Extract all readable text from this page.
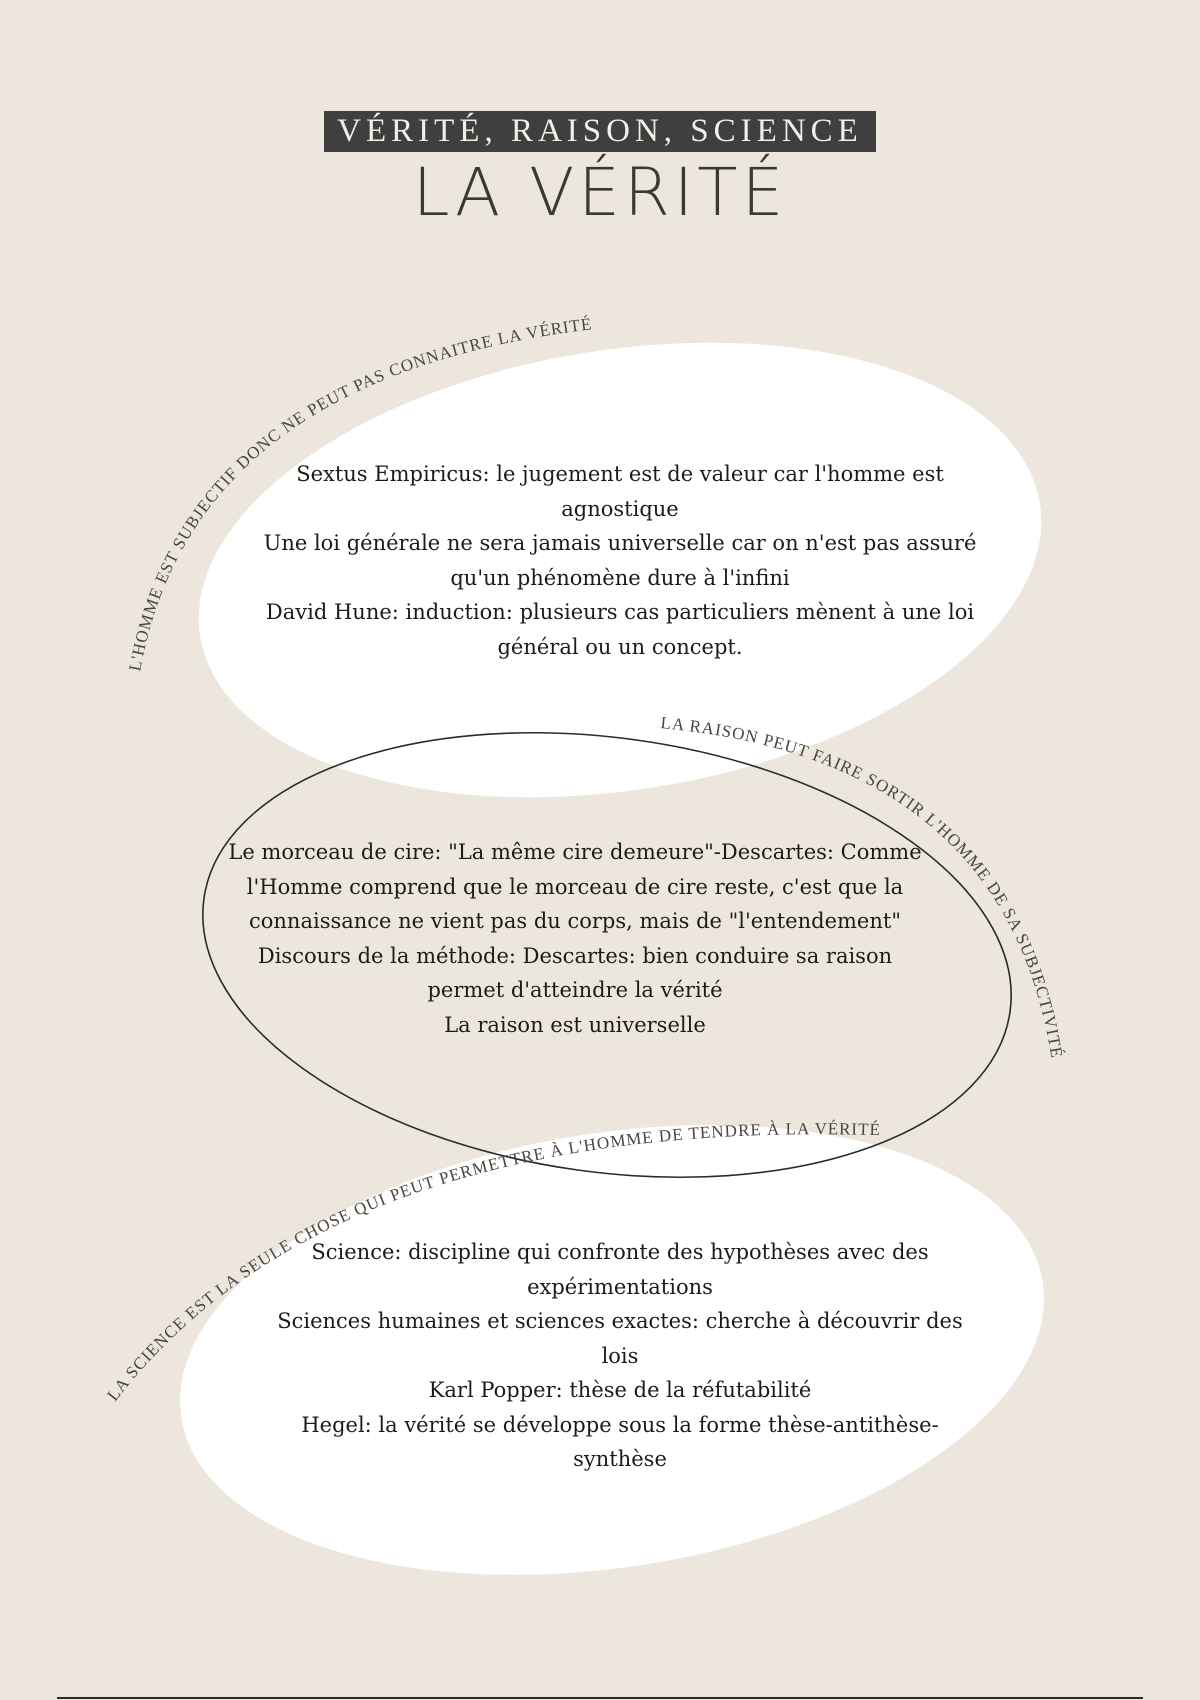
L'HOMME EST SUBJECTIF DONC NE PEUT PAS CONNAITRE LA VÉRITÉ
LA RAISON PEUT FAIRE SORTIR L'HOMME DE SA SUBJECTIVITÉ
LA SCIENCE EST LA SEULE CHOSE QUI PEUT PERMETTRE À L'HOMME DE TENDRE À LA VÉRITÉ
VÉRITÉ, RAISON, SCIENCE
LA VÉRITÉ

Sextus Empiricus: le jugement est de valeur car l'homme est agnostique

Une loi générale ne sera jamais universelle car on n'est pas assuré qu'un phénomène dure à l'infini

David Hune: induction: plusieurs cas particuliers mènent à une loi général ou un concept.

Le morceau de cire: "La même cire demeure"-Descartes: Comme l'Homme comprend que le morceau de cire reste, c'est que la connaissance ne vient pas du corps, mais de "l'entendement"

Discours de la méthode: Descartes: bien conduire sa raison permet d'atteindre la vérité

La raison est universelle

Science: discipline qui confronte des hypothèses avec des expérimentations

Sciences humaines et sciences exactes: cherche à découvrir des lois

Karl Popper: thèse de la réfutabilité

Hegel: la vérité se développe sous la forme thèse-antithèse-synthèse
